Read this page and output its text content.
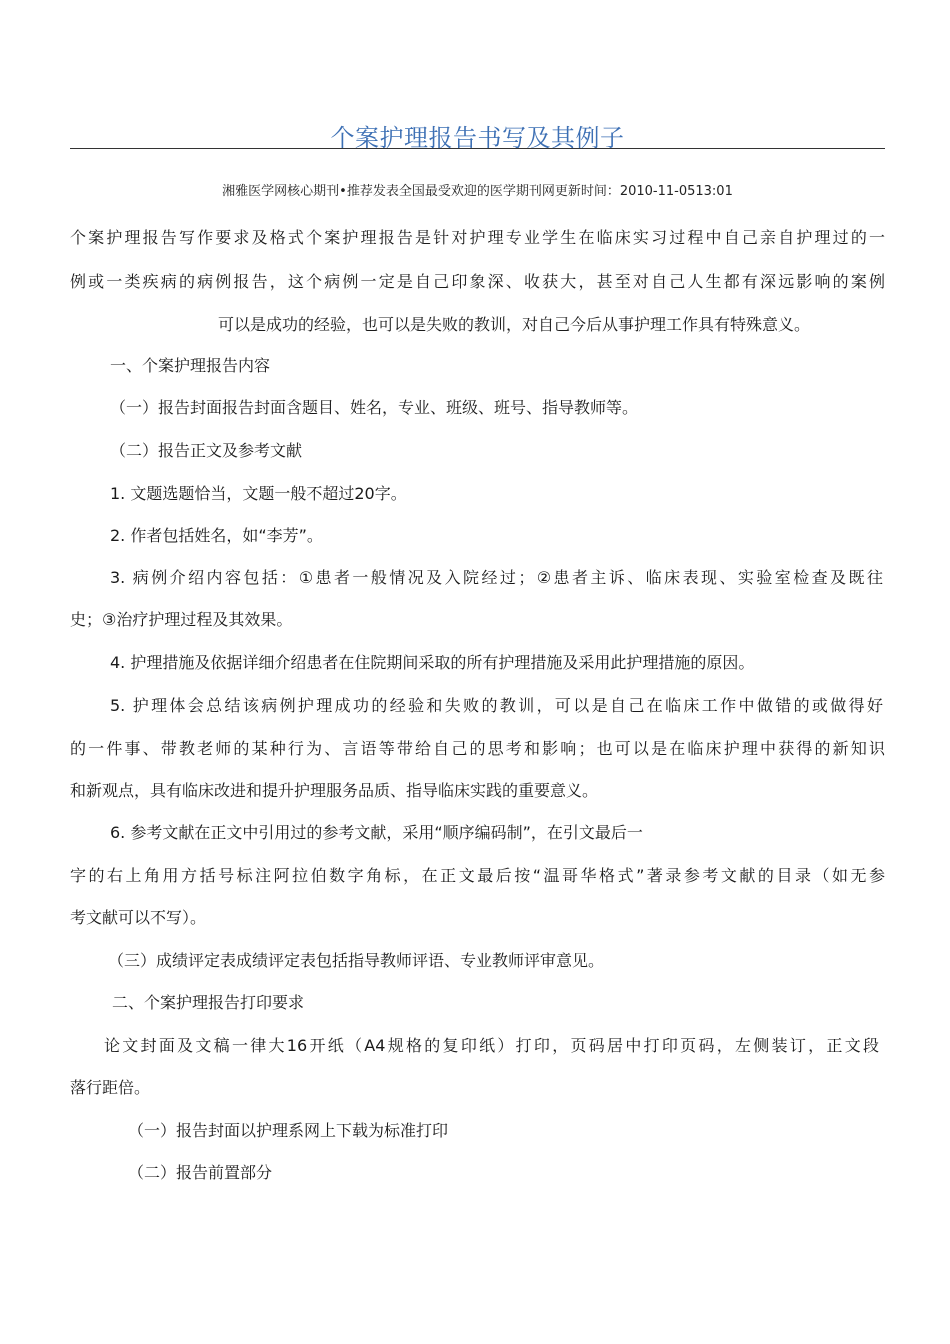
个案护理报告书写及其例子
湘雅医学网核心期刊•推荐发表全国最受欢迎的医学期刊网更新时间：2010-11-0513:01
个案护理报告写作要求及格式个案护理报告是针对护理专业学生在临床实习过程中自己亲自护理过的一
例或一类疾病的病例报告，这个病例一定是自己印象深、收获大，甚至对自己人生都有深远影响的案例
可以是成功的经验，也可以是失败的教训，对自己今后从事护理工作具有特殊意义。
一、个案护理报告内容
（一）报告封面报告封面含题目、姓名，专业、班级、班号、指导教师等。
（二）报告正文及参考文献
1. 文题选题恰当，文题一般不超过20字。
2. 作者包括姓名，如“李芳”。
3. 病例介绍内容包括：①患者一般情况及入院经过；②患者主诉、临床表现、实验室检查及既往
史；③治疗护理过程及其效果。
4. 护理措施及依据详细介绍患者在住院期间采取的所有护理措施及采用此护理措施的原因。
5. 护理体会总结该病例护理成功的经验和失败的教训，可以是自己在临床工作中做错的或做得好
的一件事、带教老师的某种行为、言语等带给自己的思考和影响；也可以是在临床护理中获得的新知识
和新观点，具有临床改进和提升护理服务品质、指导临床实践的重要意义。
6. 参考文献在正文中引用过的参考文献，采用“顺序编码制”，在引文最后一
字的右上角用方括号标注阿拉伯数字角标，在正文最后按“温哥华格式”著录参考文献的目录（如无参
考文献可以不写）。
（三）成绩评定表成绩评定表包括指导教师评语、专业教师评审意见。
二、个案护理报告打印要求
论文封面及文稿一律大16开纸（A4规格的复印纸）打印，页码居中打印页码，左侧装订，正文段
落行距倍。
（一）报告封面以护理系网上下载为标准打印
（二）报告前置部分
